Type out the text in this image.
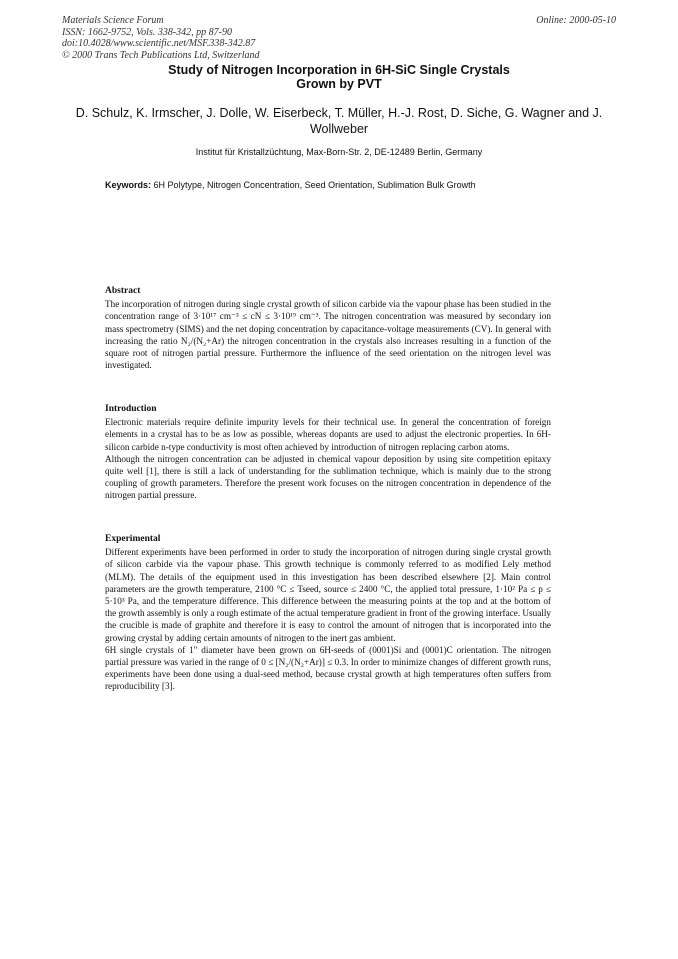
Materials Science Forum
ISSN: 1662-9752, Vols. 338-342, pp 87-90
doi:10.4028/www.scientific.net/MSF.338-342.87
© 2000 Trans Tech Publications Ltd, Switzerland
Online: 2000-05-10
Study of Nitrogen Incorporation in 6H-SiC Single Crystals
Grown by PVT
D. Schulz, K. Irmscher, J. Dolle, W. Eiserbeck, T. Müller, H.-J. Rost, D. Siche, G. Wagner and J. Wollweber
Institut für Kristallzüchtung, Max-Born-Str. 2, DE-12489 Berlin, Germany
Keywords: 6H Polytype, Nitrogen Concentration, Seed Orientation, Sublimation Bulk Growth
Abstract

The incorporation of nitrogen during single crystal growth of silicon carbide via the vapour phase has been studied in the concentration range of 3·10¹⁷ cm⁻³ ≤ cN ≤ 3·10¹⁹ cm⁻³. The nitrogen concentration was measured by secondary ion mass spectrometry (SIMS) and the net doping concentration by capacitance-voltage measurements (CV). In general with increasing the ratio N₂/(N₂+Ar) the nitrogen concentration in the crystals also increases resulting in a function of the square root of nitrogen partial pressure. Furthermore the influence of the seed orientation on the nitrogen level was investigated.

Introduction

Electronic materials require definite impurity levels for their technical use. In general the concentration of foreign elements in a crystal has to be as low as possible, whereas dopants are used to adjust the electronic properties. In 6H-silicon carbide n-type conductivity is most often achieved by introduction of nitrogen replacing carbon atoms.

Although the nitrogen concentration can be adjusted in chemical vapour deposition by using site competition epitaxy quite well [1], there is still a lack of understanding for the sublimation technique, which is mainly due to the strong coupling of growth parameters. Therefore the present work focuses on the nitrogen concentration in dependence of the nitrogen partial pressure.

Experimental

Different experiments have been performed in order to study the incorporation of nitrogen during single crystal growth of silicon carbide via the vapour phase. This growth technique is commonly referred to as modified Lely method (MLM). The details of the equipment used in this investigation has been described elsewhere [2]. Main control parameters are the growth temperature, 2100 °C ≤ Tseed, source ≤ 2400 °C, the applied total pressure, 1·10² Pa ≤ p ≤ 5·10³ Pa, and the temperature difference. This difference between the measuring points at the top and at the bottom of the growth assembly is only a rough estimate of the actual temperature gradient in front of the growing interface. Usually the crucible is made of graphite and therefore it is easy to control the amount of nitrogen that is incorporated into the growing crystal by adding certain amounts of nitrogen to the inert gas ambient.

6H single crystals of 1" diameter have been grown on 6H-seeds of (0001)Si and (0001)C orientation. The nitrogen partial pressure was varied in the range of 0 ≤ [N₂/(N₂+Ar)] ≤ 0.3. In order to minimize changes of different growth runs, experiments have been done using a dual-seed method, because crystal growth at high temperatures often suffers from reproducibility [3].
